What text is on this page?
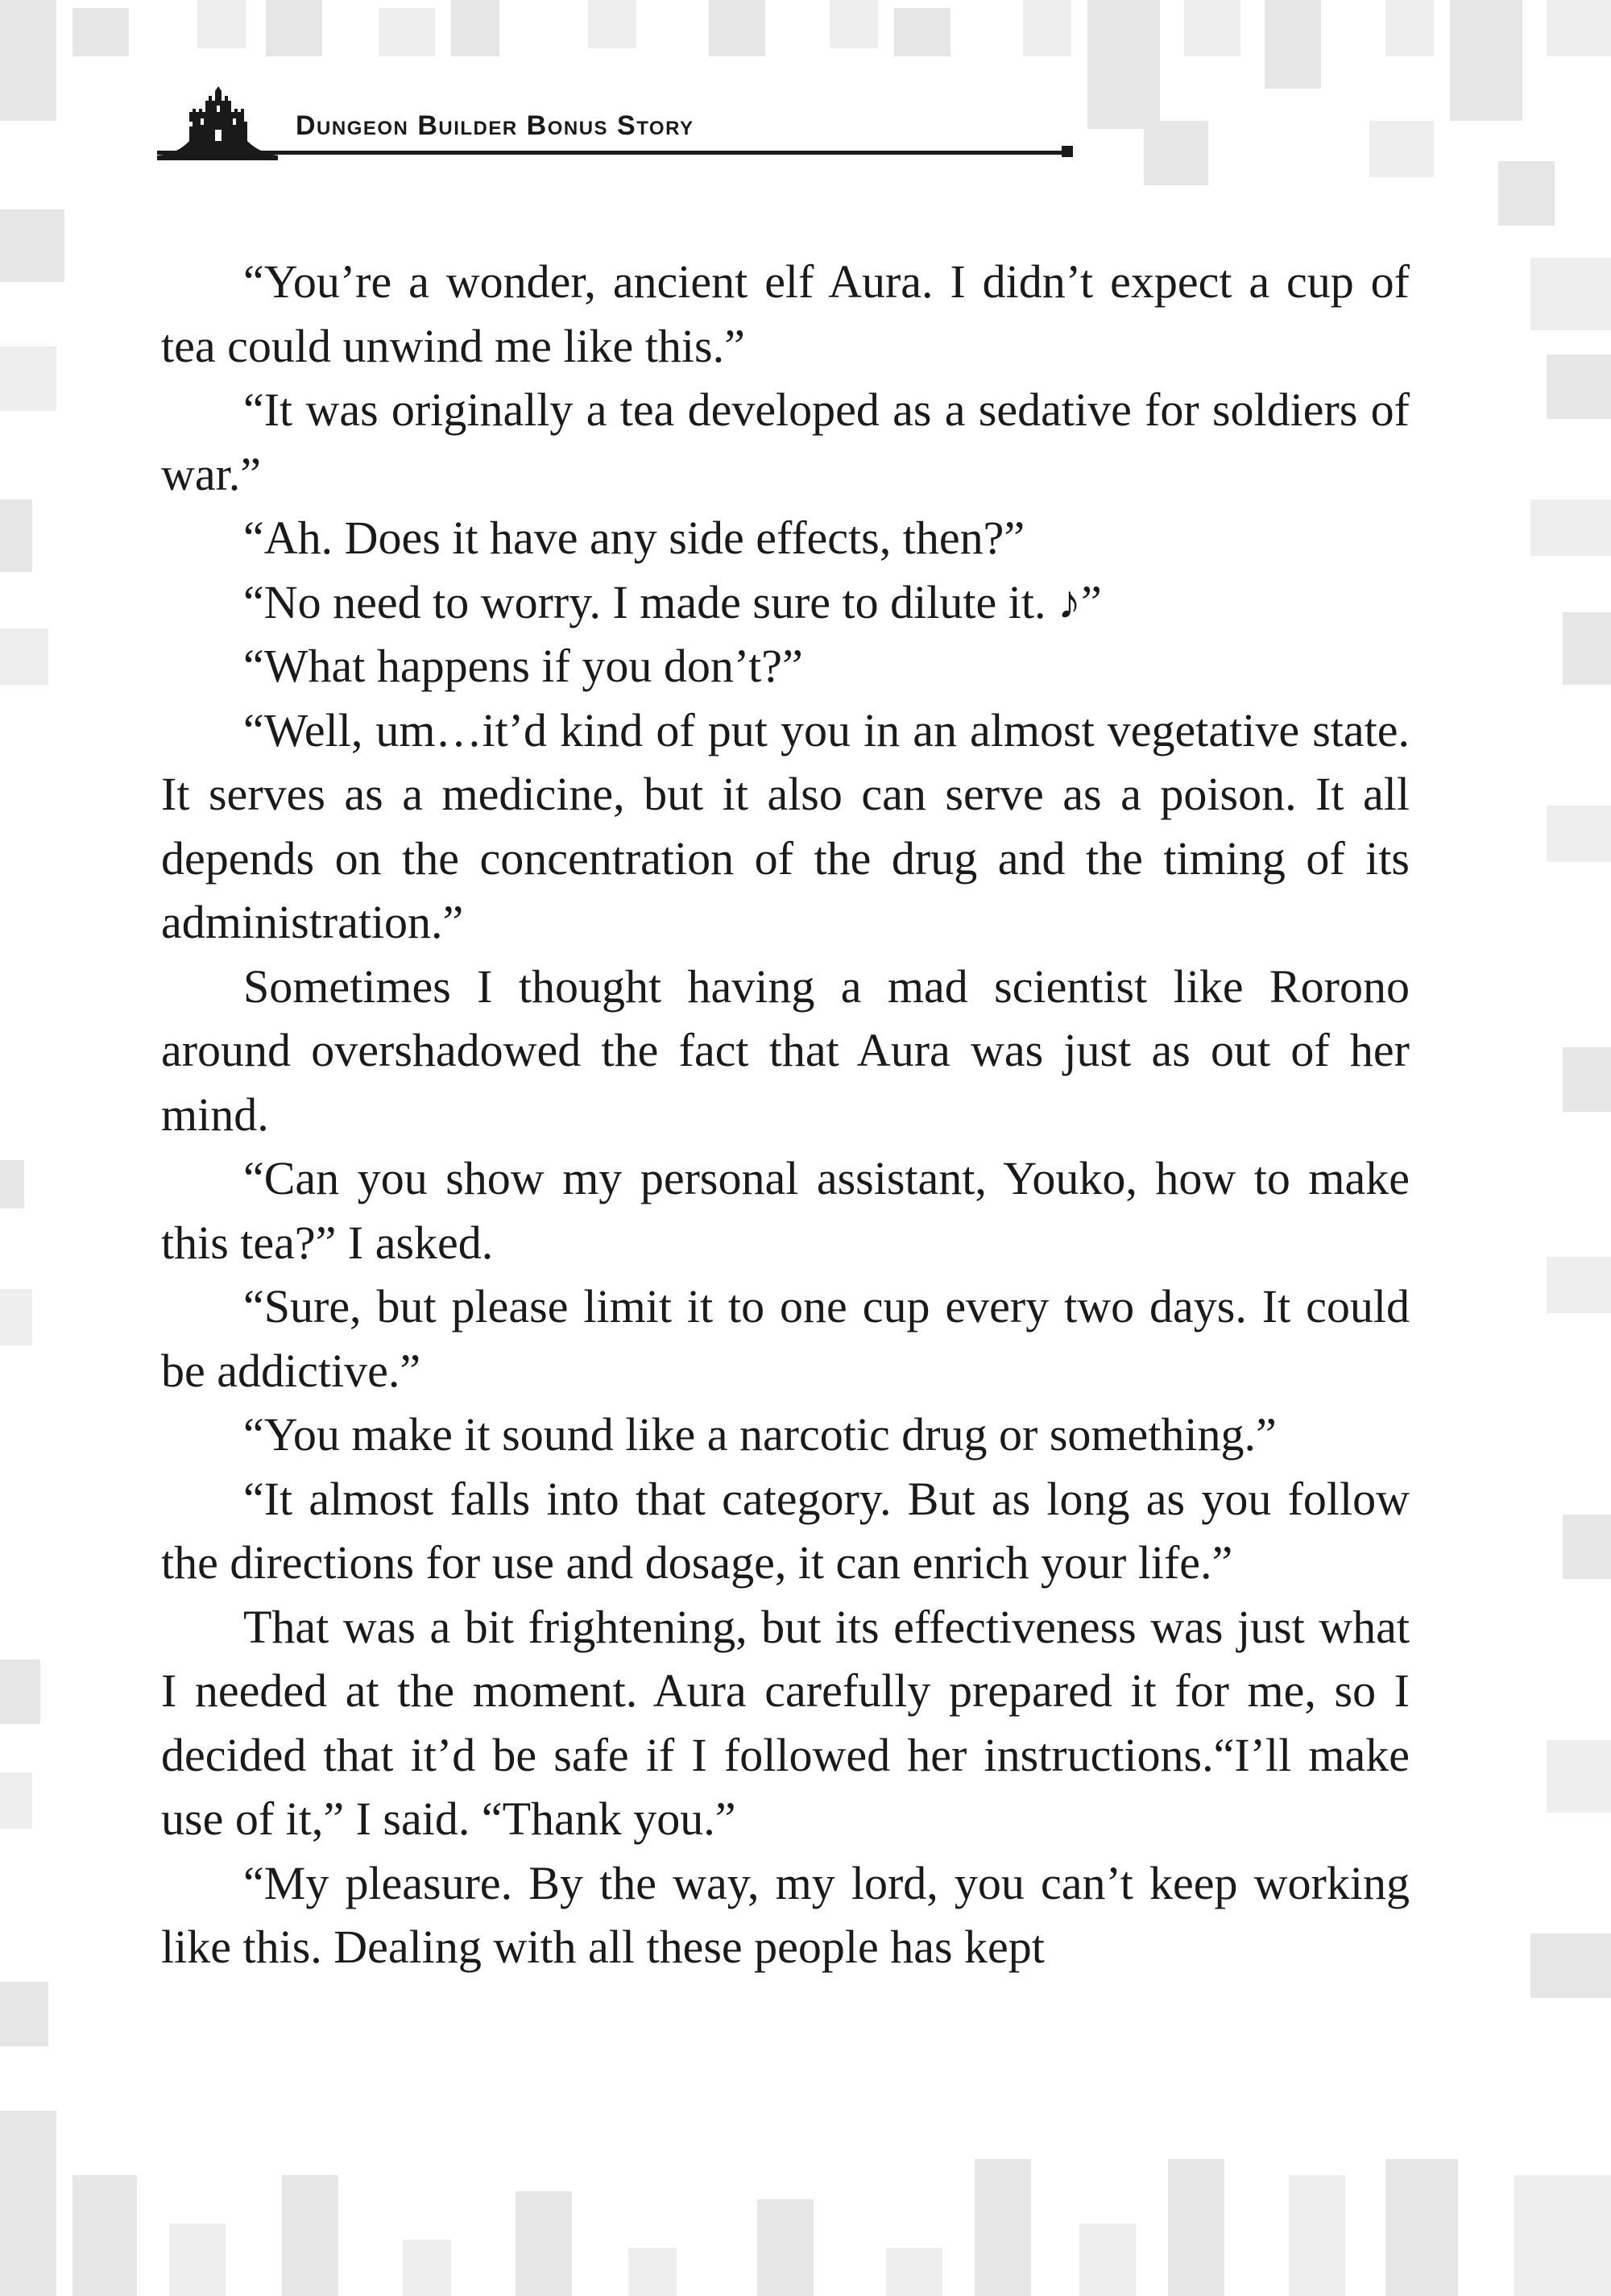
Dungeon Builder Bonus Story

“You’re a wonder, ancient elf Aura. I didn’t expect a cup of tea could unwind me like this.”

“It was originally a tea developed as a sedative for soldiers of war.”

“Ah. Does it have any side effects, then?”

“No need to worry. I made sure to dilute it. ♪”

“What happens if you don’t?”

“Well, um…it’d kind of put you in an almost vegetative state. It serves as a medicine, but it also can serve as a poison. It all depends on the concentration of the drug and the timing of its administration.”

Sometimes I thought having a mad scientist like Rorono around overshadowed the fact that Aura was just as out of her mind.

“Can you show my personal assistant, Youko, how to make this tea?” I asked.

“Sure, but please limit it to one cup every two days. It could be addictive.”

“You make it sound like a narcotic drug or something.”

“It almost falls into that category. But as long as you follow the directions for use and dosage, it can enrich your life.”

That was a bit frightening, but its effectiveness was just what I needed at the moment. Aura carefully prepared it for me, so I decided that it’d be safe if I followed her instructions.“I’ll make use of it,” I said. “Thank you.”

“My pleasure. By the way, my lord, you can’t keep working like this. Dealing with all these people has kept
